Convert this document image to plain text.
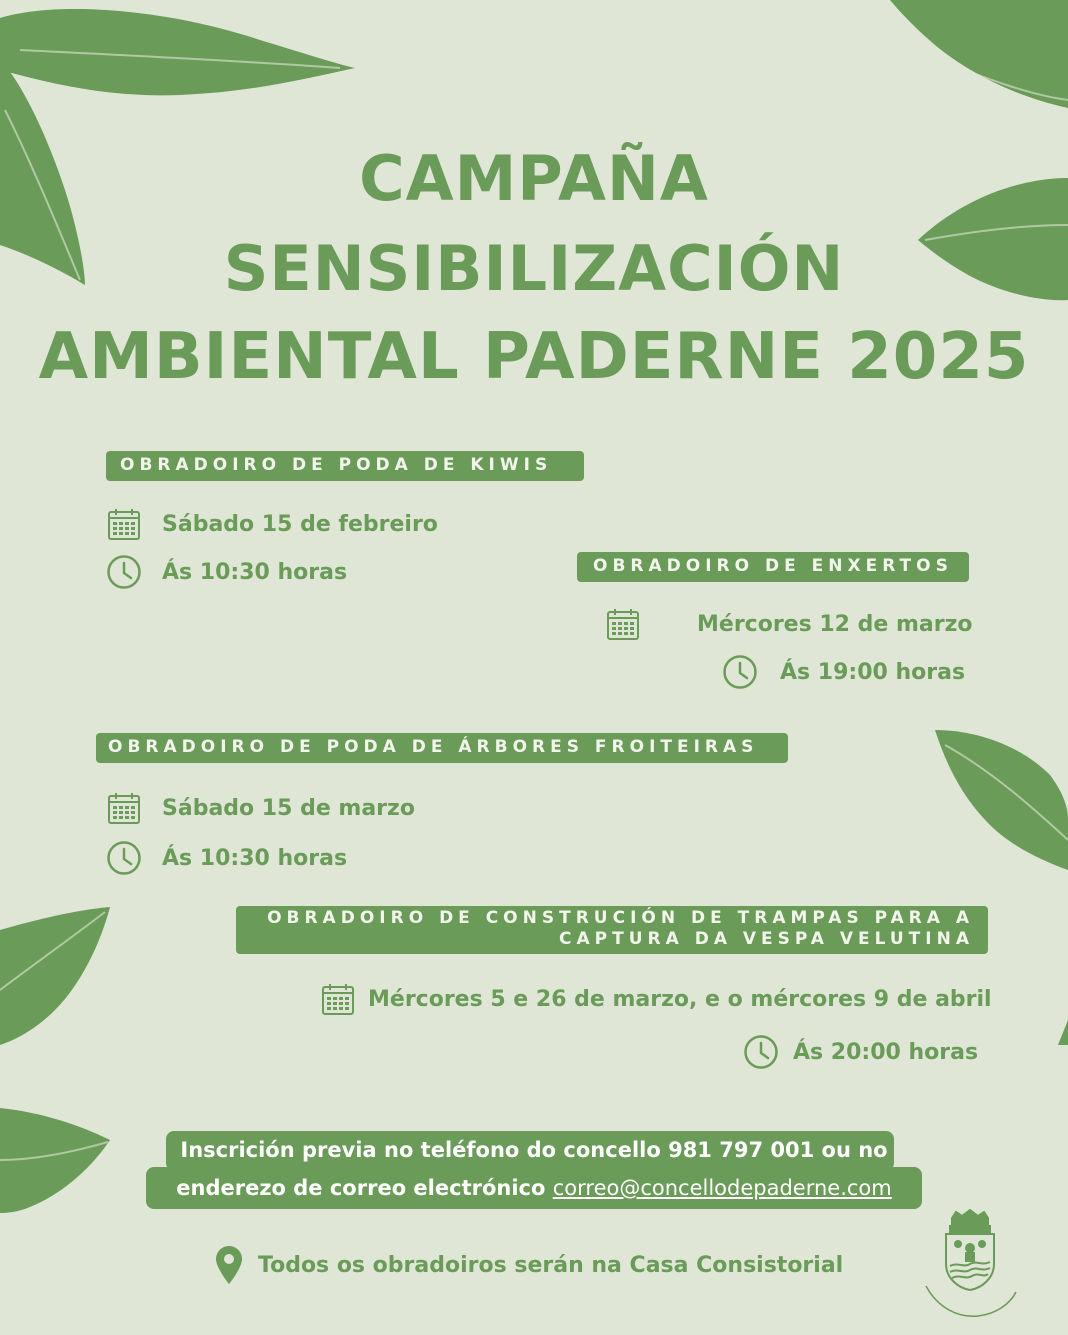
CAMPAÑA
SENSIBILIZACIÓN
AMBIENTAL PADERNE 2025
OBRADOIRO DE PODA DE KIWIS
Sábado 15 de febreiro
Ás 10:30 horas	OBRADOIRO DE ENXERTOS
Mércores 12 de marzo
Ás 19:00 horas
OBRADOIRO DE PODA DE ÁRBORES FROITEIRAS
Sábado 15 de marzo
Ás 10:30 horas
OBRADOIRO DE CONSTRUCIÓN DE TRAMPAS PARA A
CAPTURA DA VESPA VELUTINA
Mércores 5 e 26 de marzo, e o mércores 9 de abril
Ás 20:00 horas
Inscrición previa no teléfono do concello 981 797 001 ou no
enderezo de correo electrónico correo@concellodepaderne.com
Todos os obradoiros serán na Casa Consistorial
